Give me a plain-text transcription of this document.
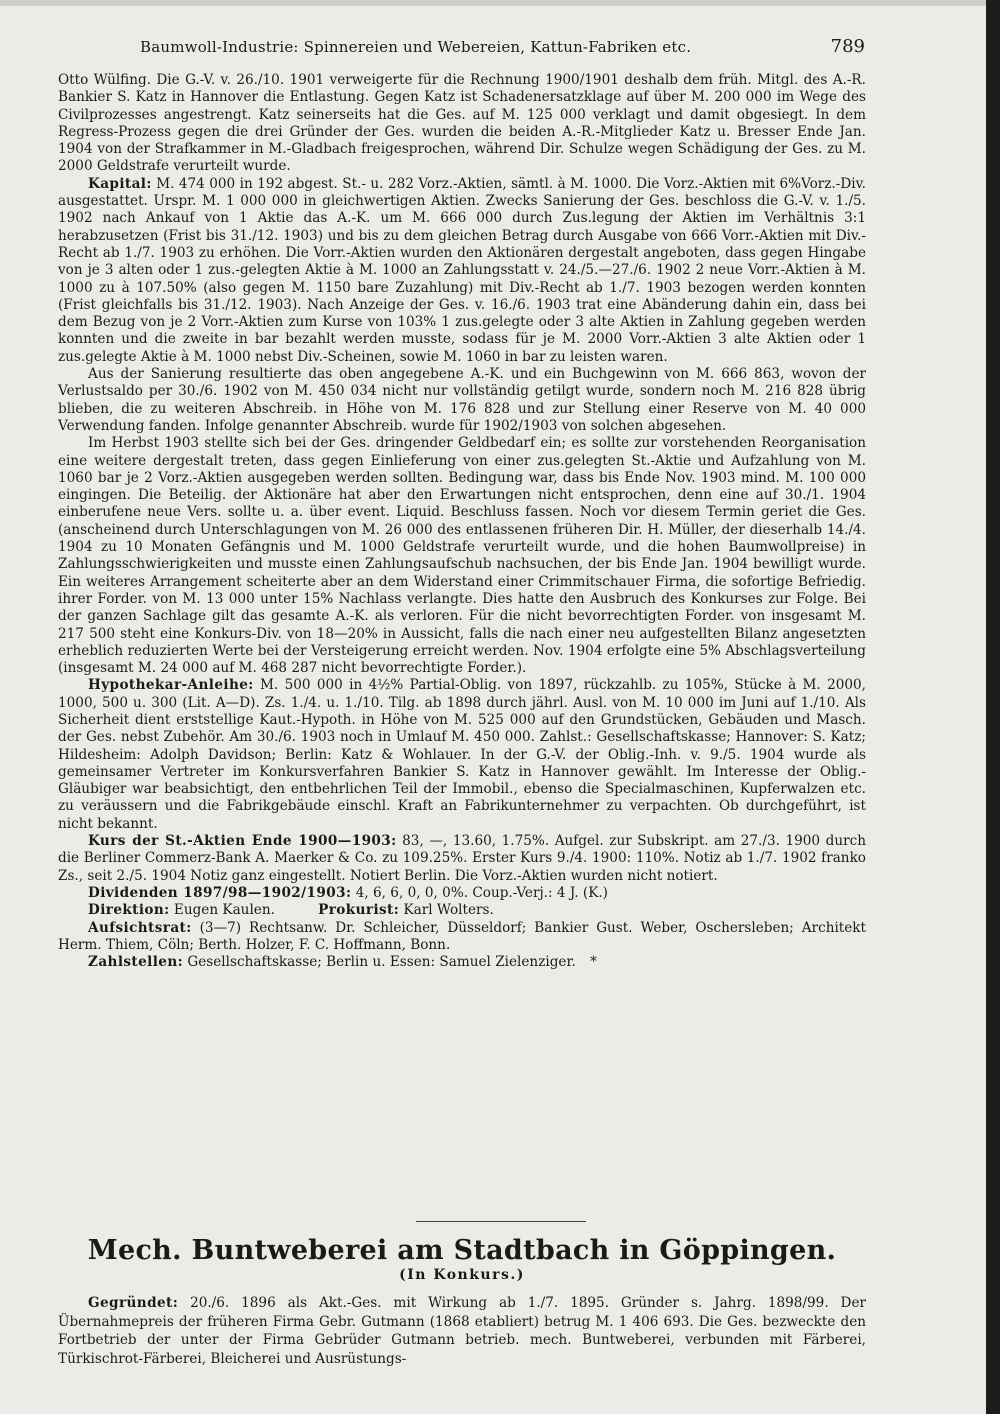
Baumwoll-Industrie: Spinnereien und Webereien, Kattun-Fabriken etc.	789

Otto Wülfing. Die G.-V. v. 26./10. 1901 verweigerte für die Rechnung 1900/1901 deshalb dem früh. Mitgl. des A.-R. Bankier S. Katz in Hannover die Entlastung. Gegen Katz ist Schadenersatzklage auf über M. 200 000 im Wege des Civilprozesses angestrengt. Katz seinerseits hat die Ges. auf M. 125 000 verklagt und damit obgesiegt. In dem Regress-Prozess gegen die drei Gründer der Ges. wurden die beiden A.-R.-Mitglieder Katz u. Bresser Ende Jan. 1904 von der Strafkammer in M.-Gladbach freigesprochen, während Dir. Schulze wegen Schädigung der Ges. zu M. 2000 Geldstrafe verurteilt wurde.

Kapital: M. 474 000 in 192 abgest. St.- u. 282 Vorz.-Aktien, sämtl. à M. 1000. Die Vorz.-Aktien mit 6%Vorz.-Div. ausgestattet. Urspr. M. 1 000 000 in gleichwertigen Aktien. Zwecks Sanierung der Ges. beschloss die G.-V. v. 1./5. 1902 nach Ankauf von 1 Aktie das A.-K. um M. 666 000 durch Zus.legung der Aktien im Verhältnis 3:1 herabzusetzen (Frist bis 31./12. 1903) und bis zu dem gleichen Betrag durch Ausgabe von 666 Vorr.-Aktien mit Div.-Recht ab 1./7. 1903 zu erhöhen. Die Vorr.-Aktien wurden den Aktionären dergestalt angeboten, dass gegen Hingabe von je 3 alten oder 1 zus.-gelegten Aktie à M. 1000 an Zahlungsstatt v. 24./5.—27./6. 1902 2 neue Vorr.-Aktien à M. 1000 zu à 107.50% (also gegen M. 1150 bare Zuzahlung) mit Div.-Recht ab 1./7. 1903 bezogen werden konnten (Frist gleichfalls bis 31./12. 1903). Nach Anzeige der Ges. v. 16./6. 1903 trat eine Abänderung dahin ein, dass bei dem Bezug von je 2 Vorr.-Aktien zum Kurse von 103% 1 zus.gelegte oder 3 alte Aktien in Zahlung gegeben werden konnten und die zweite in bar bezahlt werden musste, sodass für je M. 2000 Vorr.-Aktien 3 alte Aktien oder 1 zus.gelegte Aktie à M. 1000 nebst Div.-Scheinen, sowie M. 1060 in bar zu leisten waren.

Aus der Sanierung resultierte das oben angegebene A.-K. und ein Buchgewinn von M. 666 863, wovon der Verlustsaldo per 30./6. 1902 von M. 450 034 nicht nur vollständig getilgt wurde, sondern noch M. 216 828 übrig blieben, die zu weiteren Abschreib. in Höhe von M. 176 828 und zur Stellung einer Reserve von M. 40 000 Verwendung fanden. Infolge genannter Abschreib. wurde für 1902/1903 von solchen abgesehen.

Im Herbst 1903 stellte sich bei der Ges. dringender Geldbedarf ein; es sollte zur vorstehenden Reorganisation eine weitere dergestalt treten, dass gegen Einlieferung von einer zus.gelegten St.-Aktie und Aufzahlung von M. 1060 bar je 2 Vorz.-Aktien ausgegeben werden sollten. Bedingung war, dass bis Ende Nov. 1903 mind. M. 100 000 eingingen. Die Beteilig. der Aktionäre hat aber den Erwartungen nicht entsprochen, denn eine auf 30./1. 1904 einberufene neue Vers. sollte u. a. über event. Liquid. Beschluss fassen. Noch vor diesem Termin geriet die Ges. (anscheinend durch Unterschlagungen von M. 26 000 des entlassenen früheren Dir. H. Müller, der dieserhalb 14./4. 1904 zu 10 Monaten Gefängnis und M. 1000 Geldstrafe verurteilt wurde, und die hohen Baumwollpreise) in Zahlungsschwierigkeiten und musste einen Zahlungsaufschub nachsuchen, der bis Ende Jan. 1904 bewilligt wurde. Ein weiteres Arrangement scheiterte aber an dem Widerstand einer Crimmitschauer Firma, die sofortige Befriedig. ihrer Forder. von M. 13 000 unter 15% Nachlass verlangte. Dies hatte den Ausbruch des Konkurses zur Folge. Bei der ganzen Sachlage gilt das gesamte A.-K. als verloren. Für die nicht bevorrechtigten Forder. von insgesamt M. 217 500 steht eine Konkurs-Div. von 18—20% in Aussicht, falls die nach einer neu aufgestellten Bilanz angesetzten erheblich reduzierten Werte bei der Versteigerung erreicht werden. Nov. 1904 erfolgte eine 5% Abschlagsverteilung (insgesamt M. 24 000 auf M. 468 287 nicht bevorrechtigte Forder.).

Hypothekar-Anleihe: M. 500 000 in 4½% Partial-Oblig. von 1897, rückzahlb. zu 105%, Stücke à M. 2000, 1000, 500 u. 300 (Lit. A—D). Zs. 1./4. u. 1./10. Tilg. ab 1898 durch jährl. Ausl. von M. 10 000 im Juni auf 1./10. Als Sicherheit dient erststellige Kaut.-Hypoth. in Höhe von M. 525 000 auf den Grundstücken, Gebäuden und Masch. der Ges. nebst Zubehör. Am 30./6. 1903 noch in Umlauf M. 450 000. Zahlst.: Gesellschaftskasse; Hannover: S. Katz; Hildesheim: Adolph Davidson; Berlin: Katz & Wohlauer. In der G.-V. der Oblig.-Inh. v. 9./5. 1904 wurde als gemeinsamer Vertreter im Konkursverfahren Bankier S. Katz in Hannover gewählt. Im Interesse der Oblig.-Gläubiger war beabsichtigt, den entbehrlichen Teil der Immobil., ebenso die Specialmaschinen, Kupferwalzen etc. zu veräussern und die Fabrikgebäude einschl. Kraft an Fabrikunternehmer zu verpachten. Ob durchgeführt, ist nicht bekannt.

Kurs der St.-Aktien Ende 1900—1903: 83, —, 13.60, 1.75%. Aufgel. zur Subskript. am 27./3. 1900 durch die Berliner Commerz-Bank A. Maerker & Co. zu 109.25%. Erster Kurs 9./4. 1900: 110%. Notiz ab 1./7. 1902 franko Zs., seit 2./5. 1904 Notiz ganz eingestellt. Notiert Berlin. Die Vorz.-Aktien wurden nicht notiert.

Dividenden 1897/98—1902/1903: 4, 6, 6, 0, 0, 0%. Coup.-Verj.: 4 J. (K.)

Direktion: Eugen Kaulen.	Prokurist: Karl Wolters.

Aufsichtsrat: (3—7) Rechtsanw. Dr. Schleicher, Düsseldorf; Bankier Gust. Weber, Oschersleben; Architekt Herm. Thiem, Cöln; Berth. Holzer, F. C. Hoffmann, Bonn.

Zahlstellen: Gesellschaftskasse; Berlin u. Essen: Samuel Zielenziger. *

Mech. Buntweberei am Stadtbach in Göppingen.
(In Konkurs.)

Gegründet: 20./6. 1896 als Akt.-Ges. mit Wirkung ab 1./7. 1895. Gründer s. Jahrg. 1898/99. Der Übernahmepreis der früheren Firma Gebr. Gutmann (1868 etabliert) betrug M. 1 406 693. Die Ges. bezweckte den Fortbetrieb der unter der Firma Gebrüder Gutmann betrieb. mech. Buntweberei, verbunden mit Färberei, Türkischrot-Färberei, Bleicherei und Ausrüstungs-
